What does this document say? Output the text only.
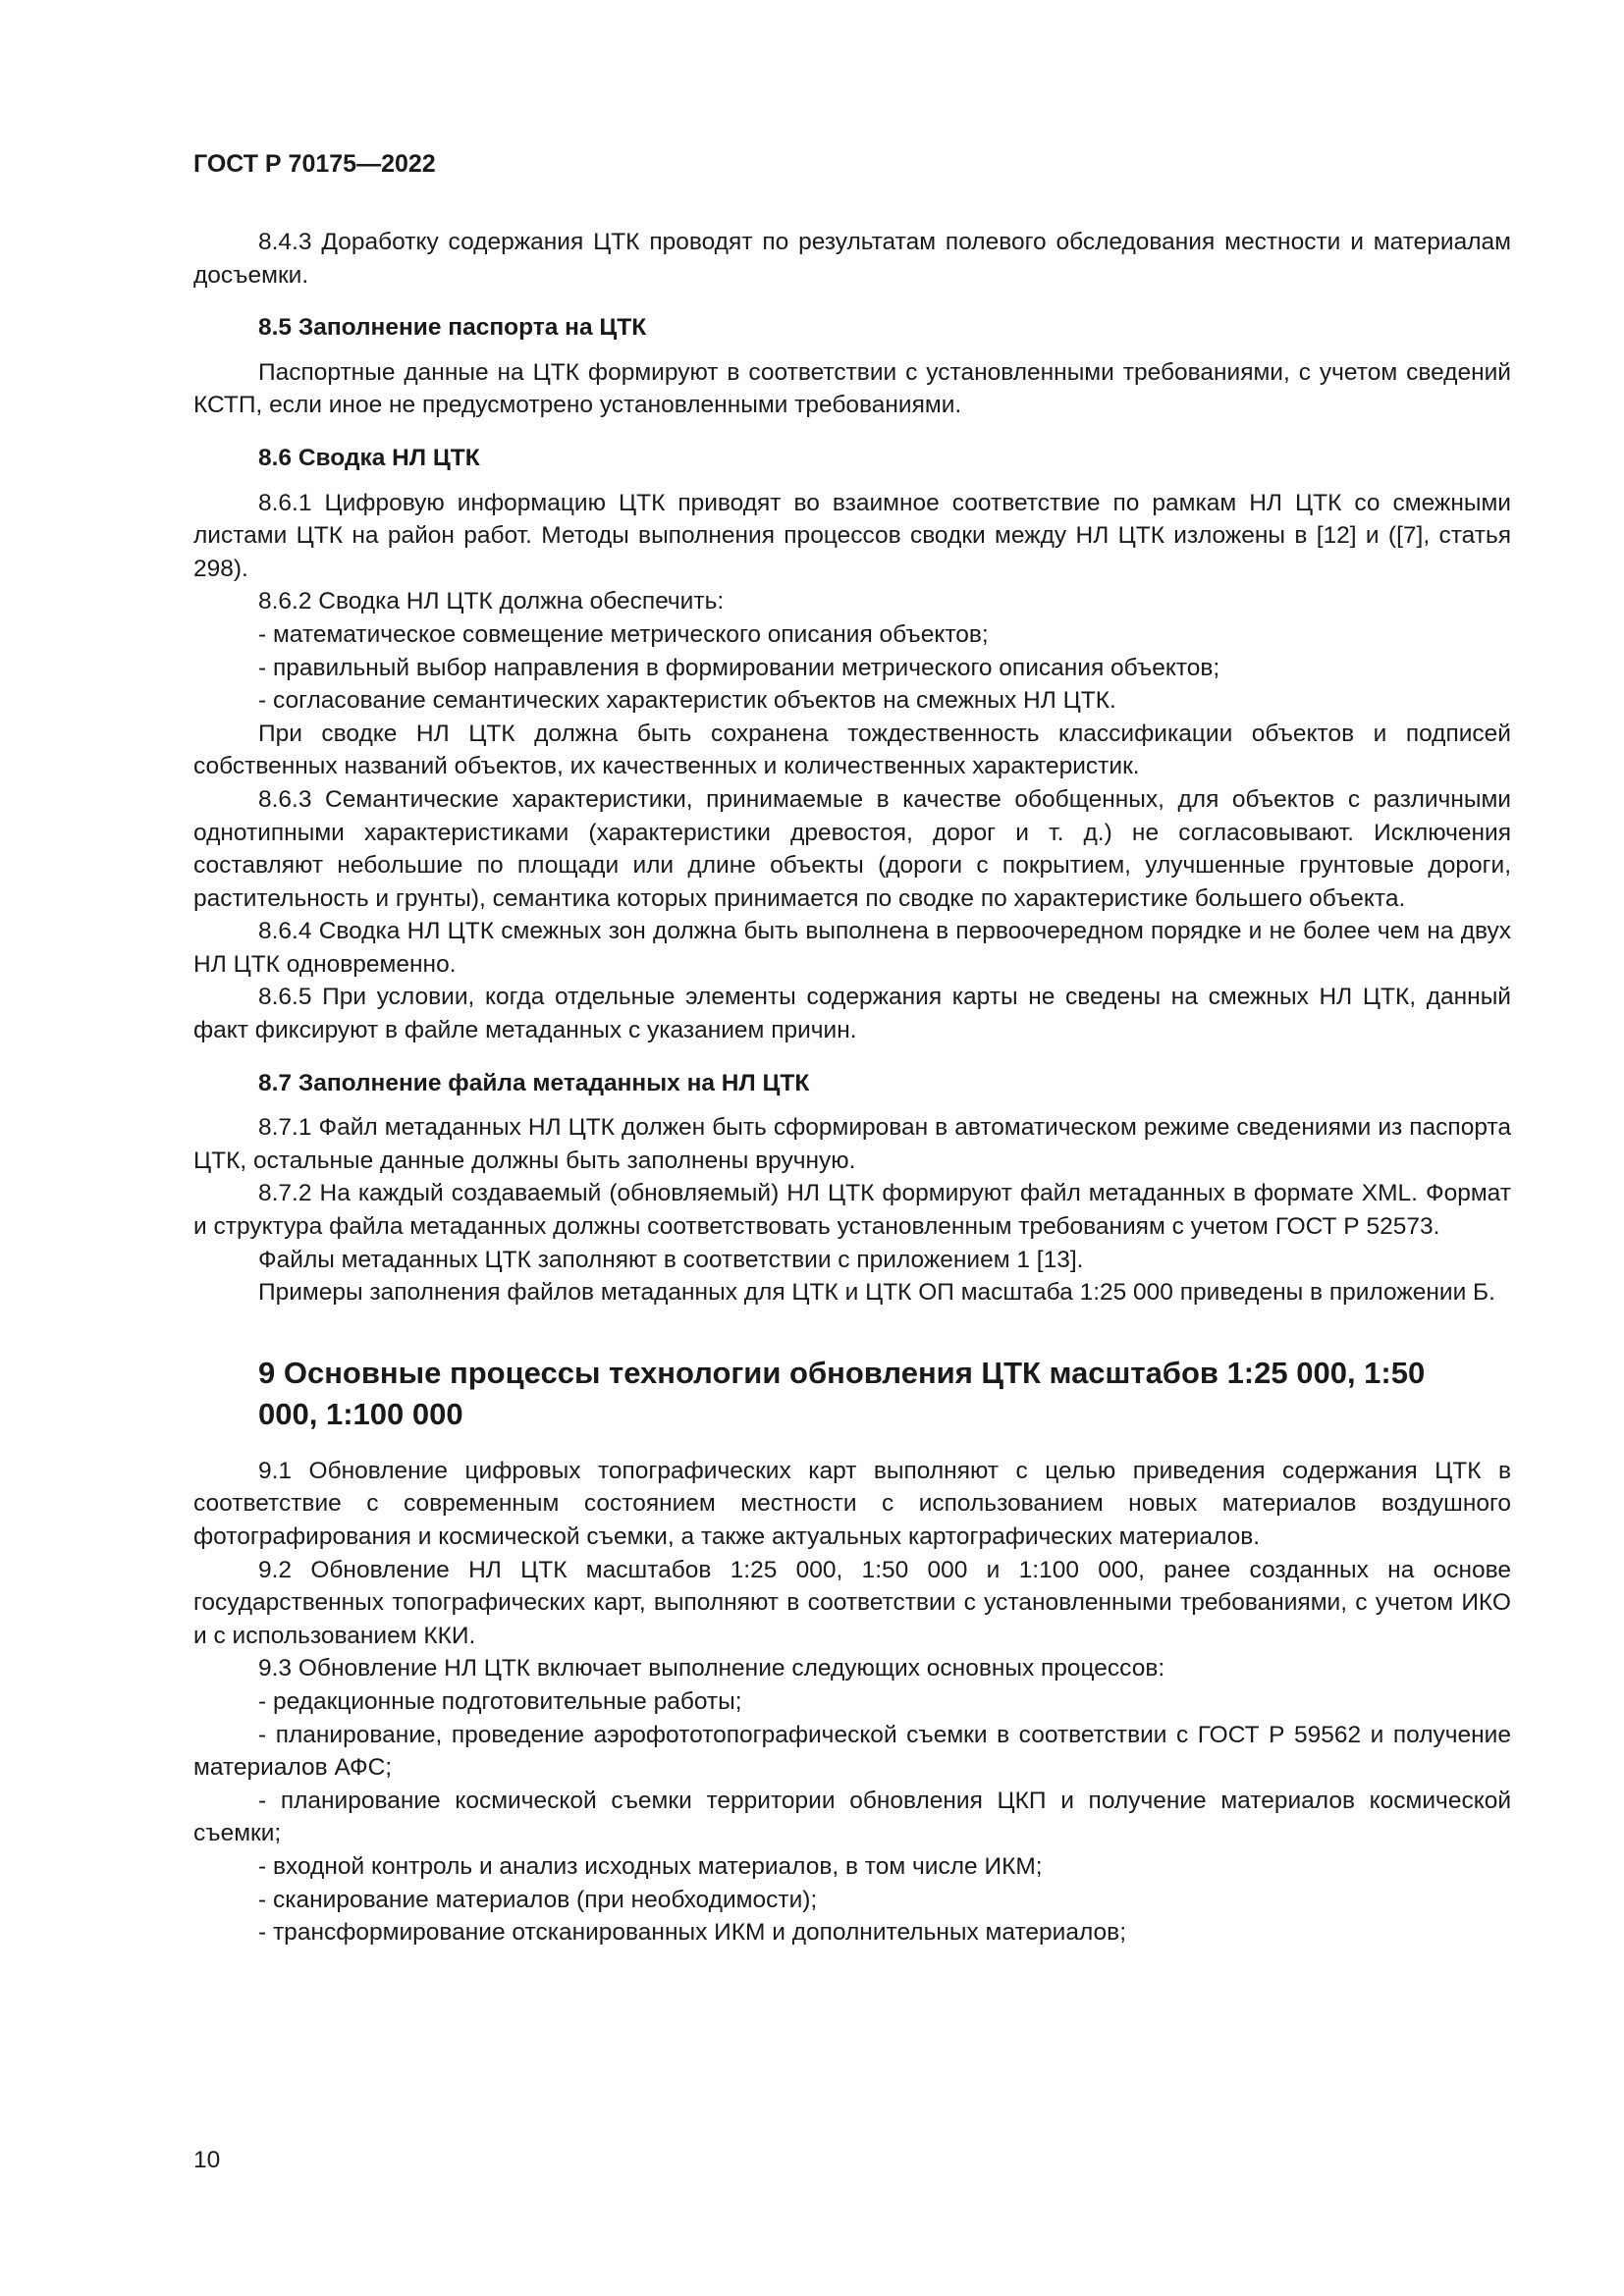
ГОСТ Р 70175—2022

8.4.3 Доработку содержания ЦТК проводят по результатам полевого обследования местности и материалам досъемки.

8.5 Заполнение паспорта на ЦТК

Паспортные данные на ЦТК формируют в соответствии с установленными требованиями, с учетом сведений КСТП, если иное не предусмотрено установленными требованиями.

8.6 Сводка НЛ ЦТК

8.6.1 Цифровую информацию ЦТК приводят во взаимное соответствие по рамкам НЛ ЦТК со смежными листами ЦТК на район работ. Методы выполнения процессов сводки между НЛ ЦТК изложены в [12] и ([7], статья 298).

8.6.2 Сводка НЛ ЦТК должна обеспечить:

- математическое совмещение метрического описания объектов;

- правильный выбор направления в формировании метрического описания объектов;

- согласование семантических характеристик объектов на смежных НЛ ЦТК.

При сводке НЛ ЦТК должна быть сохранена тождественность классификации объектов и подписей собственных названий объектов, их качественных и количественных характеристик.

8.6.3 Семантические характеристики, принимаемые в качестве обобщенных, для объектов с различными однотипными характеристиками (характеристики древостоя, дорог и т. д.) не согласовывают. Исключения составляют небольшие по площади или длине объекты (дороги с покрытием, улучшенные грунтовые дороги, растительность и грунты), семантика которых принимается по сводке по характеристике большего объекта.

8.6.4 Сводка НЛ ЦТК смежных зон должна быть выполнена в первоочередном порядке и не более чем на двух НЛ ЦТК одновременно.

8.6.5 При условии, когда отдельные элементы содержания карты не сведены на смежных НЛ ЦТК, данный факт фиксируют в файле метаданных с указанием причин.

8.7 Заполнение файла метаданных на НЛ ЦТК

8.7.1 Файл метаданных НЛ ЦТК должен быть сформирован в автоматическом режиме сведениями из паспорта ЦТК, остальные данные должны быть заполнены вручную.

8.7.2 На каждый создаваемый (обновляемый) НЛ ЦТК формируют файл метаданных в формате XML. Формат и структура файла метаданных должны соответствовать установленным требованиям с учетом ГОСТ Р 52573.

Файлы метаданных ЦТК заполняют в соответствии с приложением 1 [13].

Примеры заполнения файлов метаданных для ЦТК и ЦТК ОП масштаба 1:25 000 приведены в приложении Б.

9 Основные процессы технологии обновления ЦТК масштабов 1:25 000, 1:50 000, 1:100 000

9.1 Обновление цифровых топографических карт выполняют с целью приведения содержания ЦТК в соответствие с современным состоянием местности с использованием новых материалов воздушного фотографирования и космической съемки, а также актуальных картографических материалов.

9.2 Обновление НЛ ЦТК масштабов 1:25 000, 1:50 000 и 1:100 000, ранее созданных на основе государственных топографических карт, выполняют в соответствии с установленными требованиями, с учетом ИКО и с использованием ККИ.

9.3 Обновление НЛ ЦТК включает выполнение следующих основных процессов:

- редакционные подготовительные работы;

- планирование, проведение аэрофототопографической съемки в соответствии с ГОСТ Р 59562 и получение материалов АФС;

- планирование космической съемки территории обновления ЦКП и получение материалов космической съемки;

- входной контроль и анализ исходных материалов, в том числе ИКМ;

- сканирование материалов (при необходимости);

- трансформирование отсканированных ИКМ и дополнительных материалов;

10
